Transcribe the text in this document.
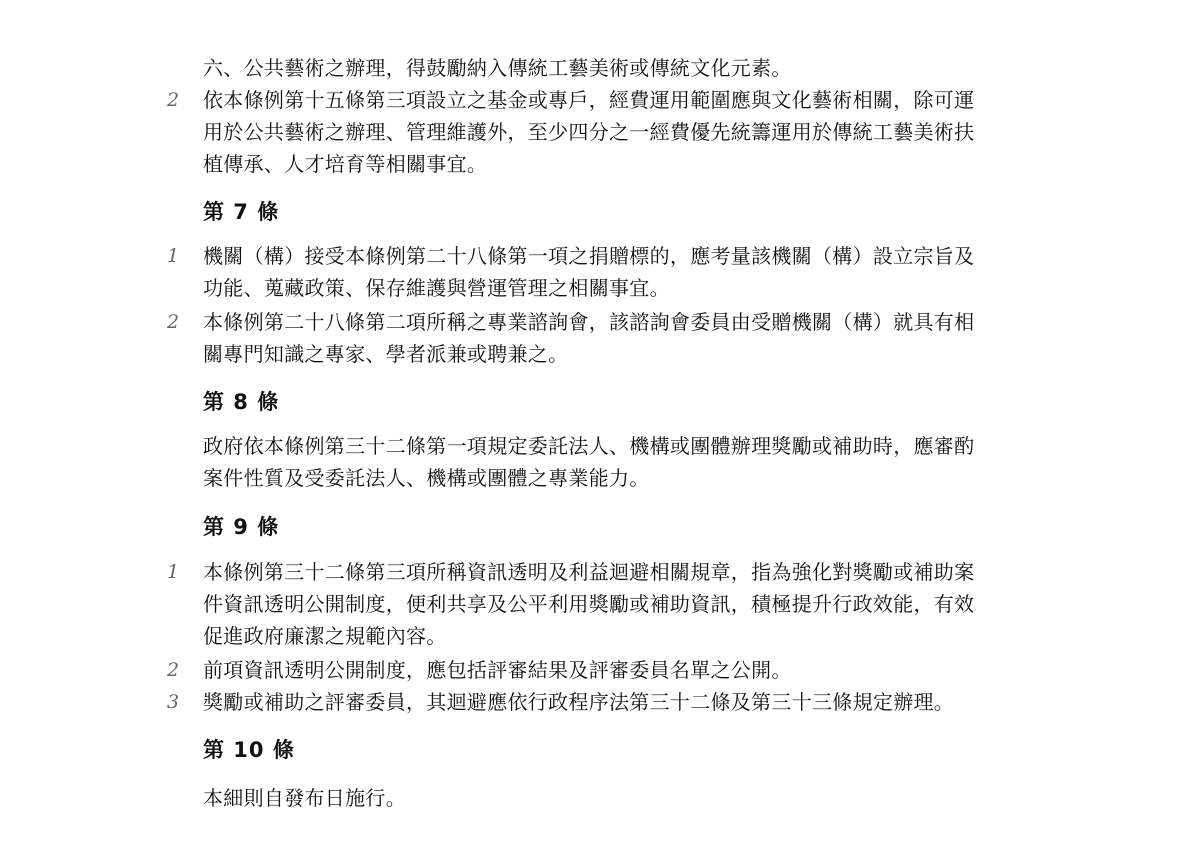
六、公共藝術之辦理，得鼓勵納入傳統工藝美術或傳統文化元素。
2	依本條例第十五條第三項設立之基金或專戶，經費運用範圍應與文化藝術相關，除可運
用於公共藝術之辦理、管理維護外，至少四分之一經費優先統籌運用於傳統工藝美術扶
植傳承、人才培育等相關事宜。
第 7 條
1	機關（構）接受本條例第二十八條第一項之捐贈標的，應考量該機關（構）設立宗旨及
功能、蒐藏政策、保存維護與營運管理之相關事宜。
2	本條例第二十八條第二項所稱之專業諮詢會，該諮詢會委員由受贈機關（構）就具有相
關專門知識之專家、學者派兼或聘兼之。
第 8 條
政府依本條例第三十二條第一項規定委託法人、機構或團體辦理獎勵或補助時，應審酌
案件性質及受委託法人、機構或團體之專業能力。
第 9 條
1	本條例第三十二條第三項所稱資訊透明及利益迴避相關規章，指為強化對獎勵或補助案
件資訊透明公開制度，便利共享及公平利用獎勵或補助資訊，積極提升行政效能，有效
促進政府廉潔之規範內容。
2	前項資訊透明公開制度，應包括評審結果及評審委員名單之公開。
3	獎勵或補助之評審委員，其迴避應依行政程序法第三十二條及第三十三條規定辦理。
第 10 條
本細則自發布日施行。
